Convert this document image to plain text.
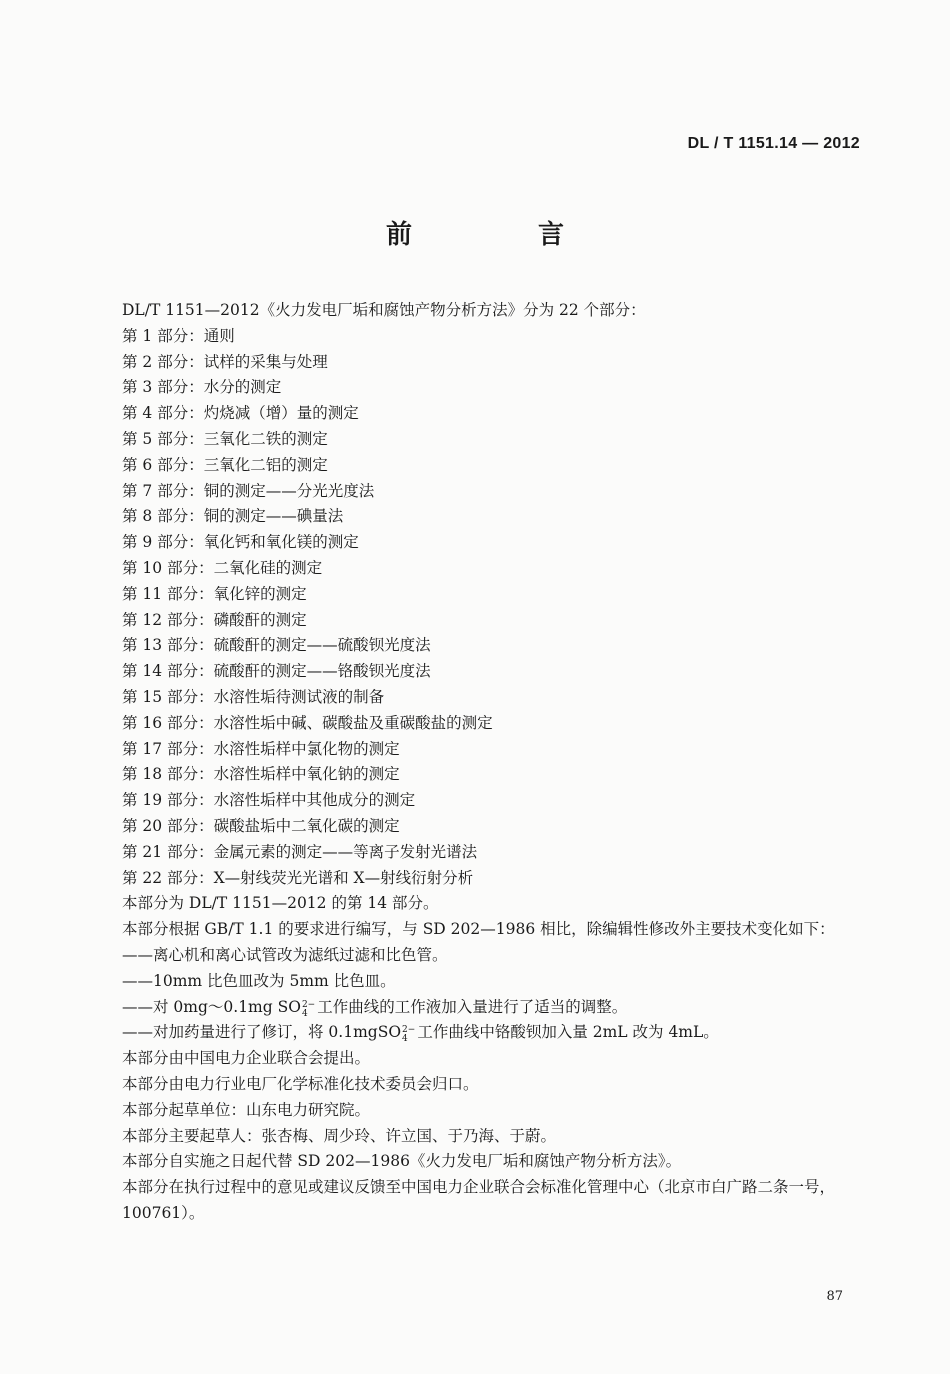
DL / T 1151.14 — 2012
前　言
DL/T 1151—2012《火力发电厂垢和腐蚀产物分析方法》分为 22 个部分：
第 1 部分：通则
第 2 部分：试样的采集与处理
第 3 部分：水分的测定
第 4 部分：灼烧减（增）量的测定
第 5 部分：三氧化二铁的测定
第 6 部分：三氧化二铝的测定
第 7 部分：铜的测定——分光光度法
第 8 部分：铜的测定——碘量法
第 9 部分：氧化钙和氧化镁的测定
第 10 部分：二氧化硅的测定
第 11 部分：氧化锌的测定
第 12 部分：磷酸酐的测定
第 13 部分：硫酸酐的测定——硫酸钡光度法
第 14 部分：硫酸酐的测定——铬酸钡光度法
第 15 部分：水溶性垢待测试液的制备
第 16 部分：水溶性垢中碱、碳酸盐及重碳酸盐的测定
第 17 部分：水溶性垢样中氯化物的测定
第 18 部分：水溶性垢样中氧化钠的测定
第 19 部分：水溶性垢样中其他成分的测定
第 20 部分：碳酸盐垢中二氧化碳的测定
第 21 部分：金属元素的测定——等离子发射光谱法
第 22 部分：X—射线荧光光谱和 X—射线衍射分析
本部分为 DL/T 1151—2012 的第 14 部分。
本部分根据 GB/T 1.1 的要求进行编写，与 SD 202—1986 相比，除编辑性修改外主要技术变化如下：
——离心机和离心试管改为滤纸过滤和比色管。
——10mm 比色皿改为 5mm 比色皿。
——对 0mg～0.1mg SO 2−
4 工作曲线的工作液加入量进行了适当的调整。
——对加药量进行了修订，将 0.1mgSO 2−
4 工作曲线中铬酸钡加入量 2mL 改为 4mL。
本部分由中国电力企业联合会提出。
本部分由电力行业电厂化学标准化技术委员会归口。
本部分起草单位：山东电力研究院。
本部分主要起草人：张杏梅、周少玲、许立国、于乃海、于蔚。
本部分自实施之日起代替 SD 202—1986《火力发电厂垢和腐蚀产物分析方法》。
本部分在执行过程中的意见或建议反馈至中国电力企业联合会标准化管理中心（北京市白广路二条一号，100761）。
87
